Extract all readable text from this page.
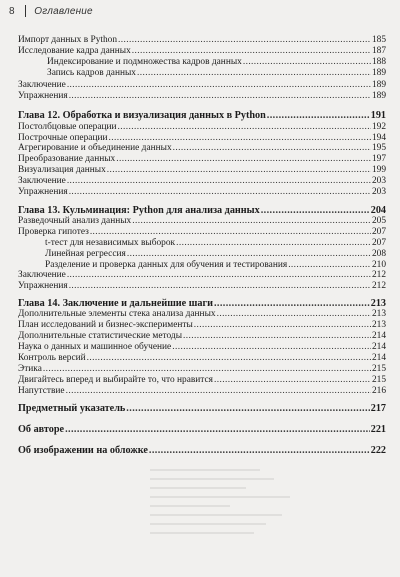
8	Оглавление
Импорт данных в Python .....	185
Исследование кадра данных .....	187
Индексирование и подмножества кадров данных .....	188
Запись кадров данных .....	189
Заключение .....	189
Упражнения .....	189
Глава 12. Обработка и визуализация данных в Python .....	191
Постолбцовые операции .....	192
Построчные операции .....	194
Агрегирование и объединение данных .....	195
Преобразование данных .....	197
Визуализация данных .....	199
Заключение .....	203
Упражнения .....	203
Глава 13. Кульминация: Python для анализа данных .....	204
Разведочный анализ данных .....	205
Проверка гипотез .....	207
t-тест для независимых выборок .....	207
Линейная регрессия .....	208
Разделение и проверка данных для обучения и тестирования .....	210
Заключение .....	212
Упражнения .....	212
Глава 14. Заключение и дальнейшие шаги .....	213
Дополнительные элементы стека анализа данных .....	213
План исследований и бизнес-эксперименты .....	213
Дополнительные статистические методы .....	214
Наука о данных и машинное обучение .....	214
Контроль версий .....	214
Этика .....	215
Двигайтесь вперед и выбирайте то, что нравится .....	215
Напутствие .....	216
Предметный указатель .....	217
Об авторе .....	221
Об изображении на обложке .....	222
